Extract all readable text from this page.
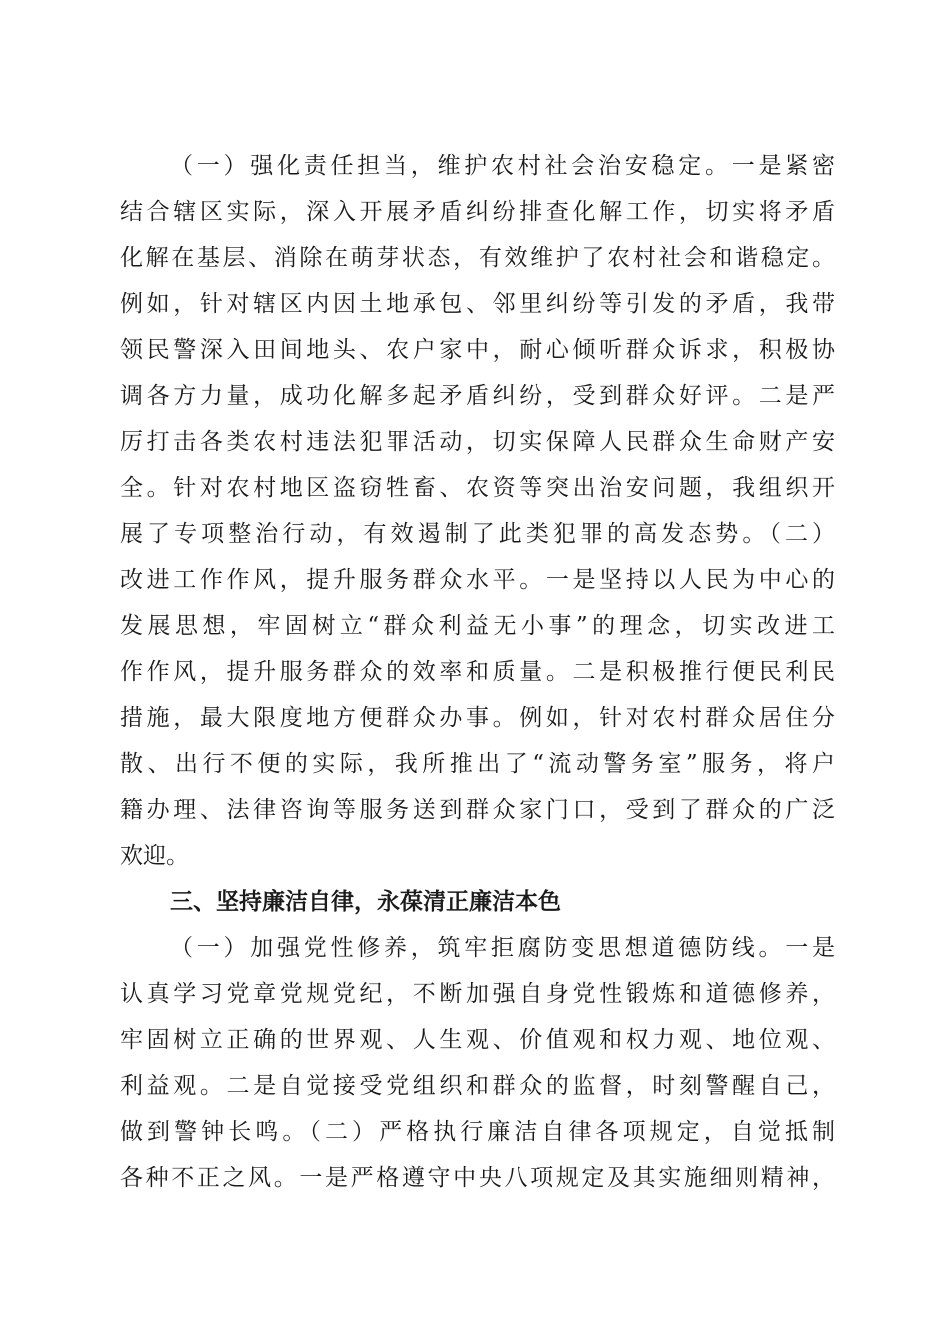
（一）强化责任担当，维护农村社会治安稳定。一是紧密
结合辖区实际，深入开展矛盾纠纷排查化解工作，切实将矛盾
化解在基层、消除在萌芽状态，有效维护了农村社会和谐稳定。
例如，针对辖区内因土地承包、邻里纠纷等引发的矛盾，我带
领民警深入田间地头、农户家中，耐心倾听群众诉求，积极协
调各方力量，成功化解多起矛盾纠纷，受到群众好评。二是严
厉打击各类农村违法犯罪活动，切实保障人民群众生命财产安
全。针对农村地区盗窃牲畜、农资等突出治安问题，我组织开
展了专项整治行动，有效遏制了此类犯罪的高发态势。（二）
改进工作作风，提升服务群众水平。一是坚持以人民为中心的
发展思想，牢固树立“群众利益无小事”的理念，切实改进工
作作风，提升服务群众的效率和质量。二是积极推行便民利民
措施，最大限度地方便群众办事。例如，针对农村群众居住分
散、出行不便的实际，我所推出了“流动警务室”服务，将户
籍办理、法律咨询等服务送到群众家门口，受到了群众的广泛
欢迎。
三、坚持廉洁自律，永葆清正廉洁本色
（一）加强党性修养，筑牢拒腐防变思想道德防线。一是
认真学习党章党规党纪，不断加强自身党性锻炼和道德修养，
牢固树立正确的世界观、人生观、价值观和权力观、地位观、
利益观。二是自觉接受党组织和群众的监督，时刻警醒自己，
做到警钟长鸣。（二）严格执行廉洁自律各项规定，自觉抵制
各种不正之风。一是严格遵守中央八项规定及其实施细则精神，
